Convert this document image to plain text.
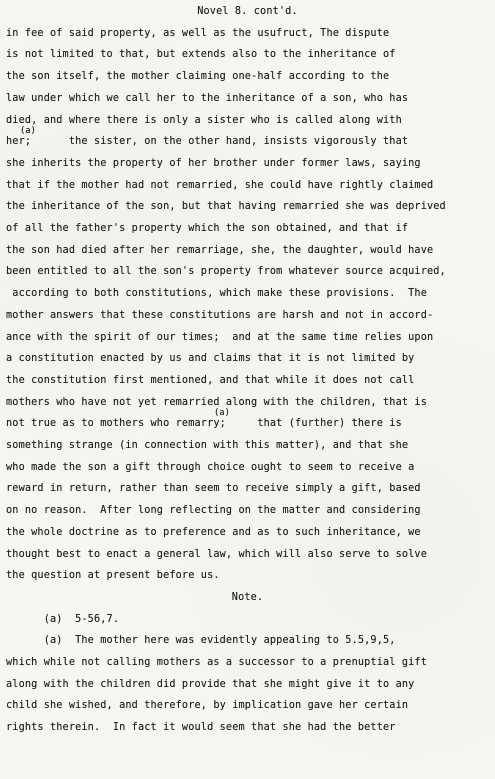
Novel 8. cont'd.
in fee of said property, as well as the usufruct, The dispute
is not limited to that, but extends also to the inheritance of
the son itself, the mother claiming one-half according to the
law under which we call her to the inheritance of a son, who has
died, and where there is only a sister who is called along with
(a)
her;      the sister, on the other hand, insists vigorously that
she inherits the property of her brother under former laws, saying
that if the mother had not remarried, she could have rightly claimed
the inheritance of the son, but that having remarried she was deprived
of all the father's property which the son obtained, and that if
the son had died after her remarriage, she, the daughter, would have
been entitled to all the son's property from whatever source acquired,
according to both constitutions, which make these provisions.  The
mother answers that these constitutions are harsh and not in accord-
ance with the spirit of our times;  and at the same time relies upon
a constitution enacted by us and claims that it is not limited by
the constitution first mentioned, and that while it does not call
mothers who have not yet remarried along with the children, that is
(a)
not true as to mothers who remarry;     that (further) there is
something strange (in connection with this matter), and that she
who made the son a gift through choice ought to seem to receive a
reward in return, rather than seem to receive simply a gift, based
on no reason.  After long reflecting on the matter and considering
the whole doctrine as to preference and as to such inheritance, we
thought best to enact a general law, which will also serve to solve
the question at present before us.
Note.
(a)  5-56,7.
(a)  The mother here was evidently appealing to 5.5,9,5,
which while not calling mothers as a successor to a prenuptial gift
along with the children did provide that she might give it to any
child she wished, and therefore, by implication gave her certain
rights therein.  In fact it would seem that she had the better
